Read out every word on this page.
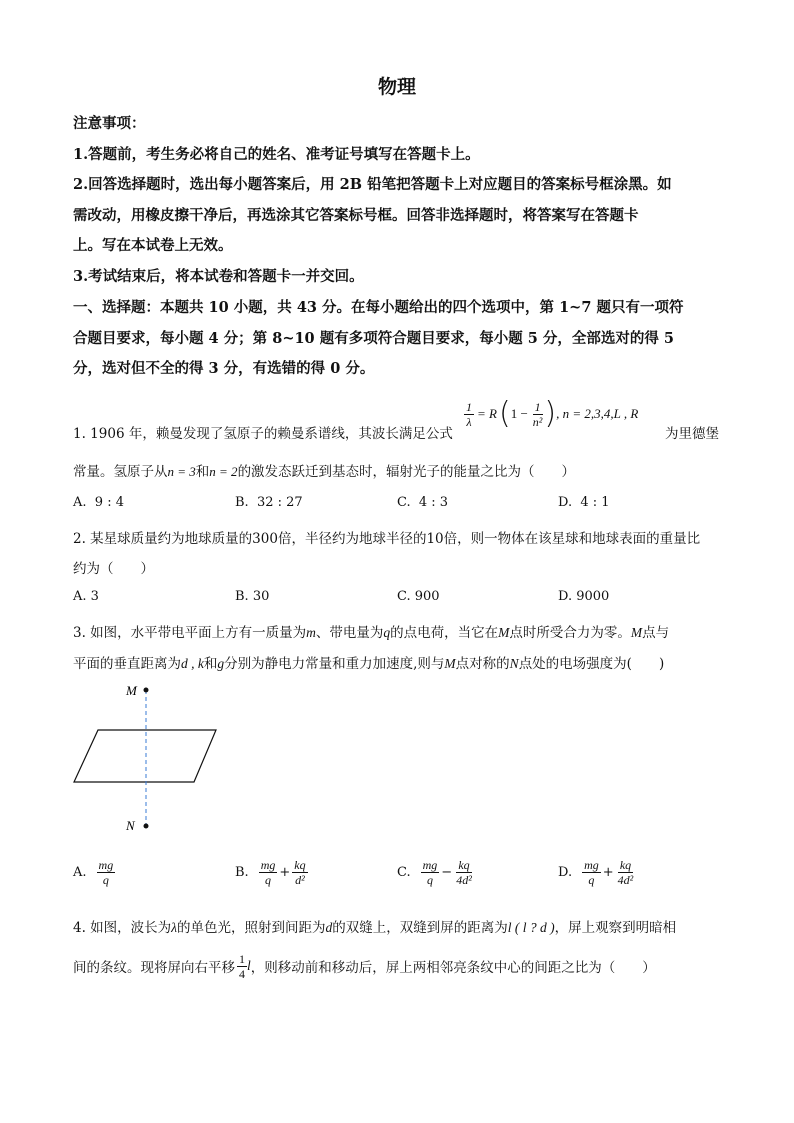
物理
注意事项：
1.答题前，考生务必将自己的姓名、准考证号填写在答题卡上。
2.回答选择题时，选出每小题答案后，用 2B 铅笔把答题卡上对应题目的答案标号框涂黑。如
需改动，用橡皮擦干净后，再选涂其它答案标号框。回答非选择题时，将答案写在答题卡
上。写在本试卷上无效。
3.考试结束后，将本试卷和答题卡一并交回。
一、选择题：本题共 10 小题，共 43 分。在每小题给出的四个选项中，第 1~7 题只有一项符
合题目要求，每小题 4 分；第 8~10 题有多项符合题目要求，每小题 5 分，全部选对的得 5
分，选对但不全的得 3 分，有选错的得 0 分。
1. 1906 年，赖曼发现了氢原子的赖曼系谱线，其波长满足公式
$\frac{1}{\lambda} = R$ ( $1 - \frac{1}{\text{n²}}$ ) , n = 2,3,4,L , R
为里德堡
常量。氢原子从n = 3和n = 2的激发态跃迁到基态时，辐射光子的能量之比为（　　）
A. 9 : 4	B. 32 : 27	C. 4 : 3	D. 4 : 1
2. 某星球质量约为地球质量的300倍，半径约为地球半径的10倍，则一物体在该星球和地球表面的重量比
约为（　　）
A. 3	B. 30	C. 900	D. 9000
3. 如图，水平带电平面上方有一质量为m、带电量为q的点电荷，当它在M点时所受合力为零。M点与
平面的垂直距离为d , k和g分别为静电力常量和重力加速度,则与M点对称的N点处的电场强度为(　　)
M
N
A. $\frac{mg}{q}$	B. $\frac{mg}{q} + \frac{kq}{\text{d²}}$	C. $\frac{mg}{q} - \frac{kq}{\text{4d²}}$	D. $\frac{mg}{q} + \frac{kq}{\text{4d²}}$
4. 如图，波长为λ的单色光，照射到间距为d的双缝上，双缝到屏的距离为l ( l ? d )，屏上观察到明暗相
间的条纹。现将屏向右平移 $\frac{1}{4}$ l ，则移动前和移动后，屏上两相邻亮条纹中心的间距之比为（　　）
